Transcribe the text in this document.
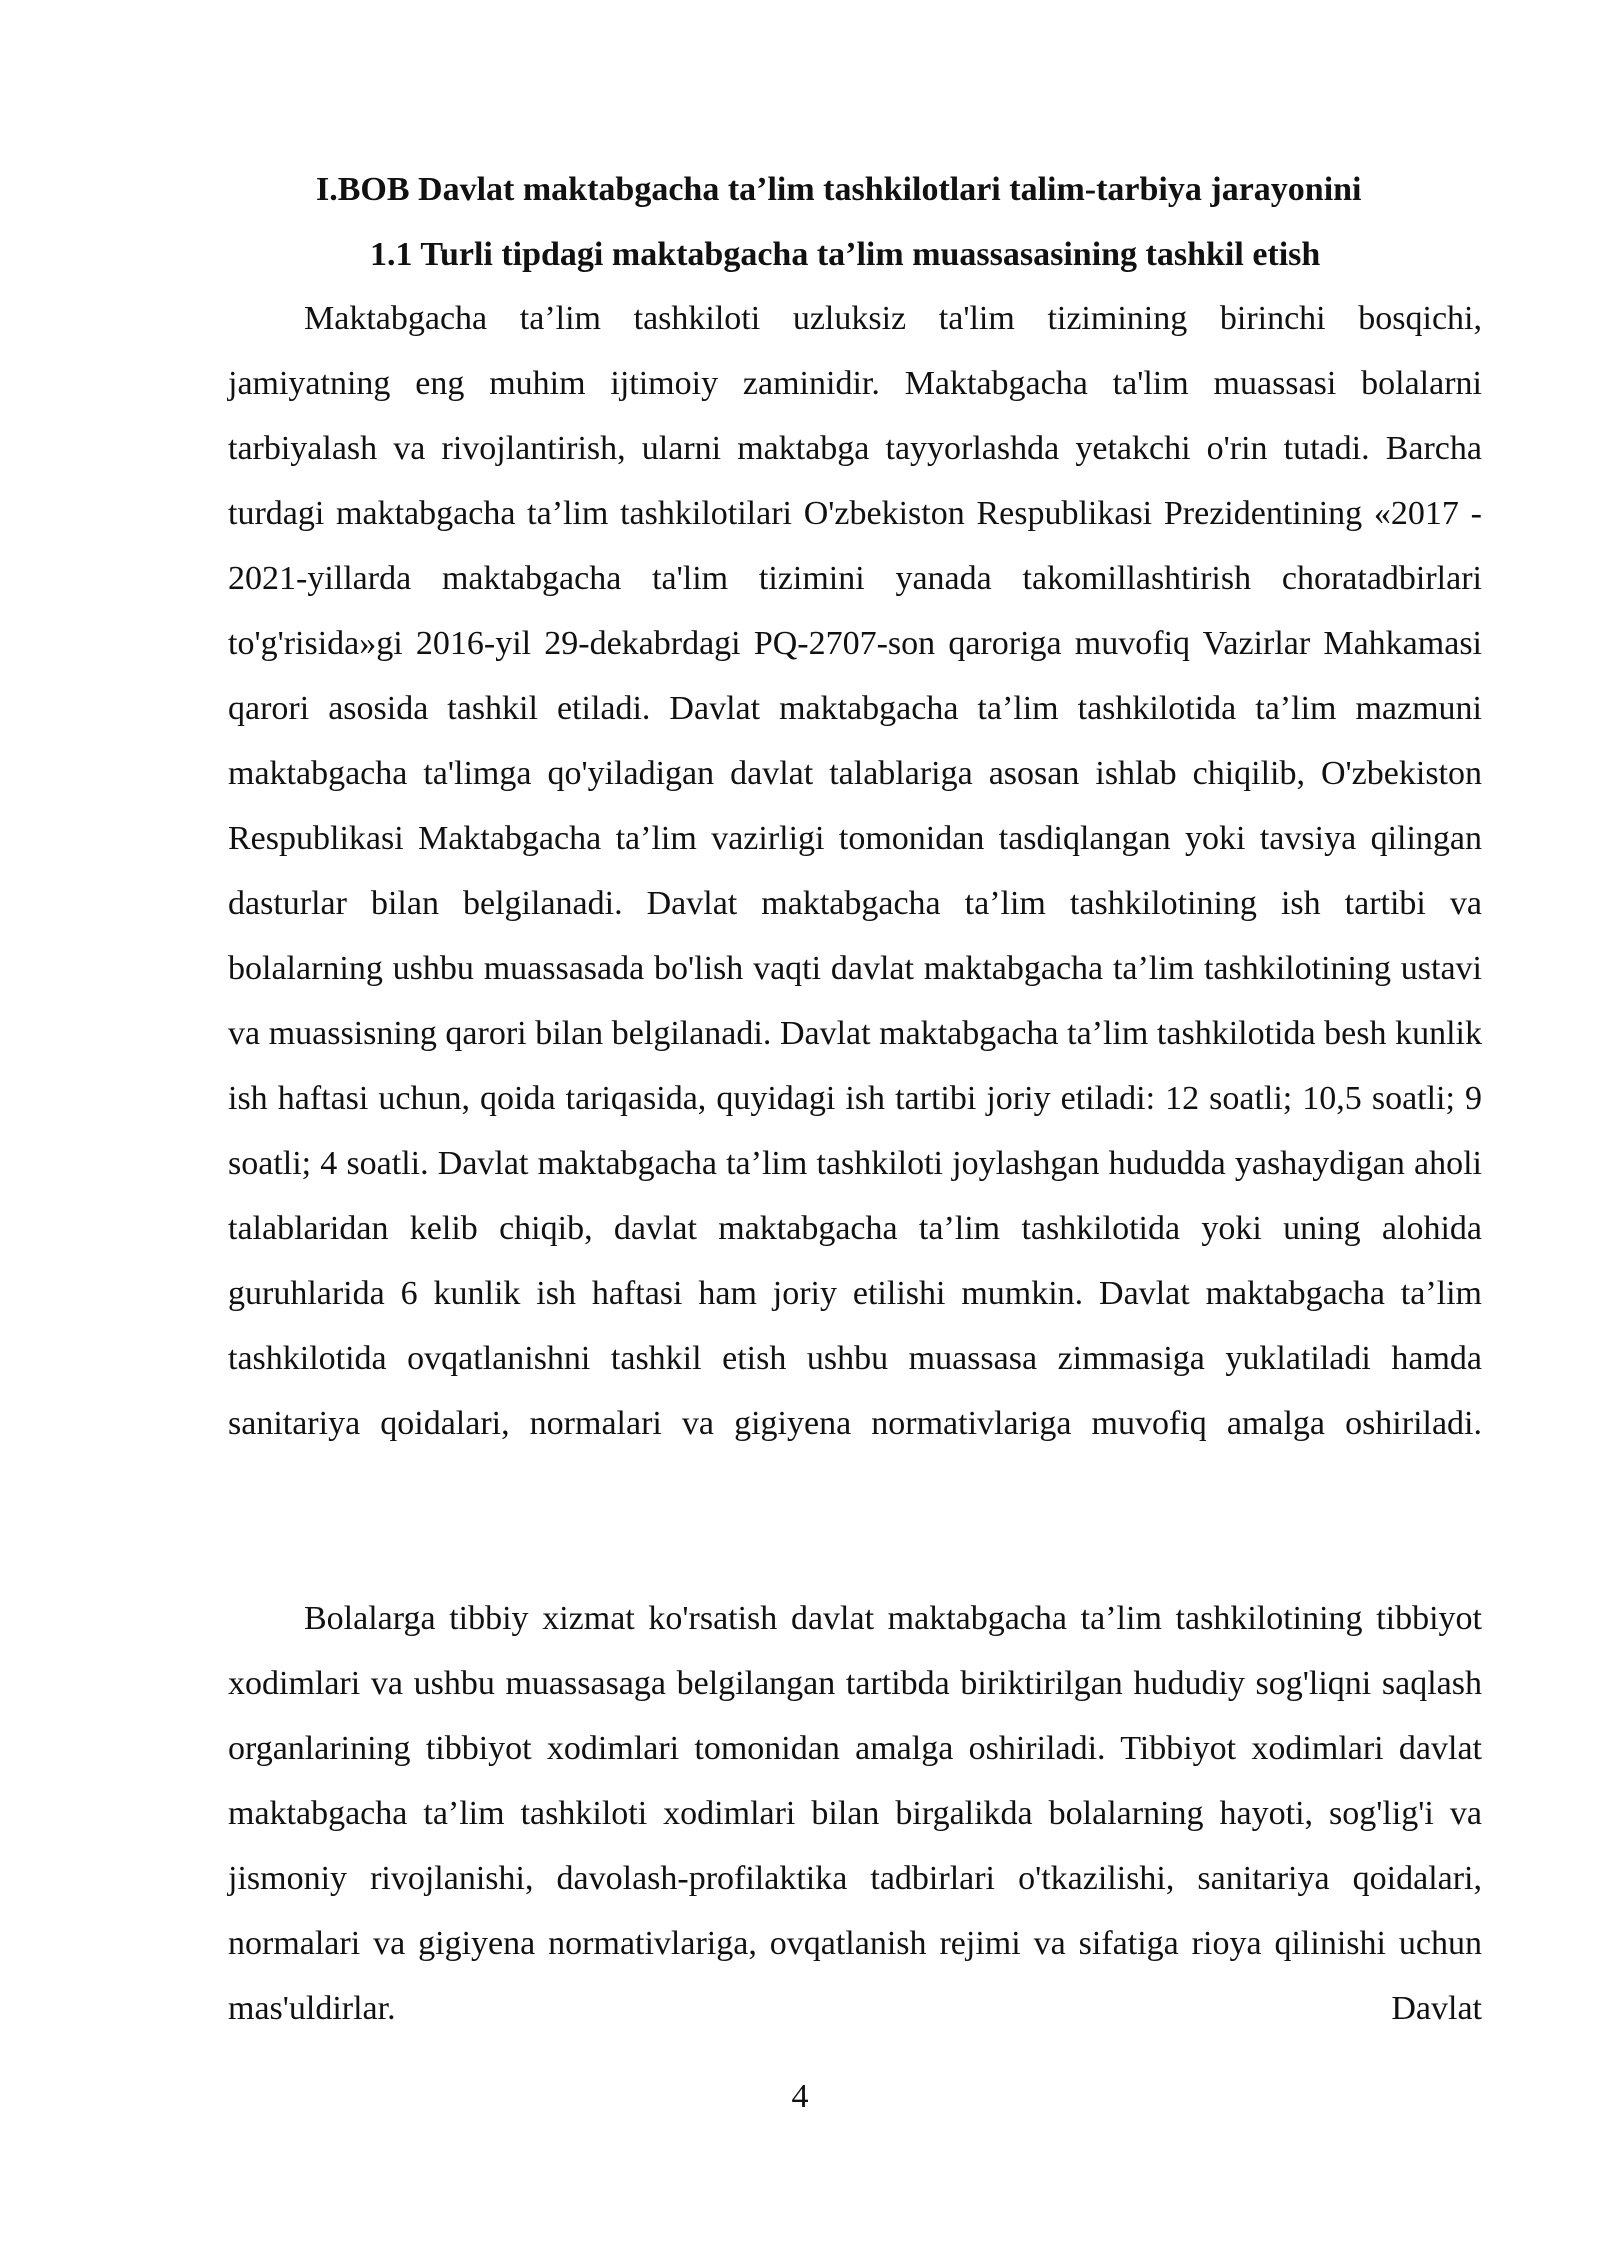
I.BOB Davlat maktabgacha ta’lim tashkilotlari talim-tarbiya jarayonini
1.1 Turli tipdagi maktabgacha ta’lim muassasasining tashkil etish

Maktabgacha ta’lim tashkiloti uzluksiz ta'lim tizimining birinchi bosqichi, jamiyatning eng muhim ijtimoiy zaminidir. Maktabgacha ta'lim muassasi bolalarni tarbiyalash va rivojlantirish, ularni maktabga tayyorlashda yetakchi o'rin tutadi. Barcha turdagi maktabgacha ta’lim tashkilotilari O'zbekiston Respublikasi Prezidentining «2017 - 2021-yillarda maktabgacha ta'lim tizimini yanada takomillashtirish choratadbirlari to'g'risida»gi 2016-yil 29-dekabrdagi PQ-2707-son qaroriga muvofiq Vazirlar Mahkamasi qarori asosida tashkil etiladi. Davlat maktabgacha ta’lim tashkilotida ta’lim mazmuni maktabgacha ta'limga qo'yiladigan davlat talablariga asosan ishlab chiqilib, O'zbekiston Respublikasi Maktabgacha ta’lim vazirligi tomonidan tasdiqlangan yoki tavsiya qilingan dasturlar bilan belgilanadi. Davlat maktabgacha ta’lim tashkilotining ish tartibi va bolalarning ushbu muassasada bo'lish vaqti davlat maktabgacha ta’lim tashkilotining ustavi va muassisning qarori bilan belgilanadi. Davlat maktabgacha ta’lim tashkilotida besh kunlik ish haftasi uchun, qoida tariqasida, quyidagi ish tartibi joriy etiladi: 12 soatli; 10,5 soatli; 9 soatli; 4 soatli. Davlat maktabgacha ta’lim tashkiloti joylashgan hududda yashaydigan aholi talablaridan kelib chiqib, davlat maktabgacha ta’lim tashkilotida yoki uning alohida guruhlarida 6 kunlik ish haftasi ham joriy etilishi mumkin. Davlat maktabgacha ta’lim tashkilotida ovqatlanishni tashkil etish ushbu muassasa zimmasiga yuklatiladi hamda sanitariya qoidalari, normalari va gigiyena normativlariga muvofiq amalga oshiriladi.

Bolalarga tibbiy xizmat ko'rsatish davlat maktabgacha ta’lim tashkilotining tibbiyot xodimlari va ushbu muassasaga belgilangan tartibda biriktirilgan hududiy sog'liqni saqlash organlarining tibbiyot xodimlari tomonidan amalga oshiriladi. Tibbiyot xodimlari davlat maktabgacha ta’lim tashkiloti xodimlari bilan birgalikda bolalarning hayoti, sog'lig'i va jismoniy rivojlanishi, davolash-profilaktika tadbirlari o'tkazilishi, sanitariya qoidalari, normalari va gigiyena normativlariga, ovqatlanish rejimi va sifatiga rioya qilinishi uchun mas'uldirlar. Davlat

4
